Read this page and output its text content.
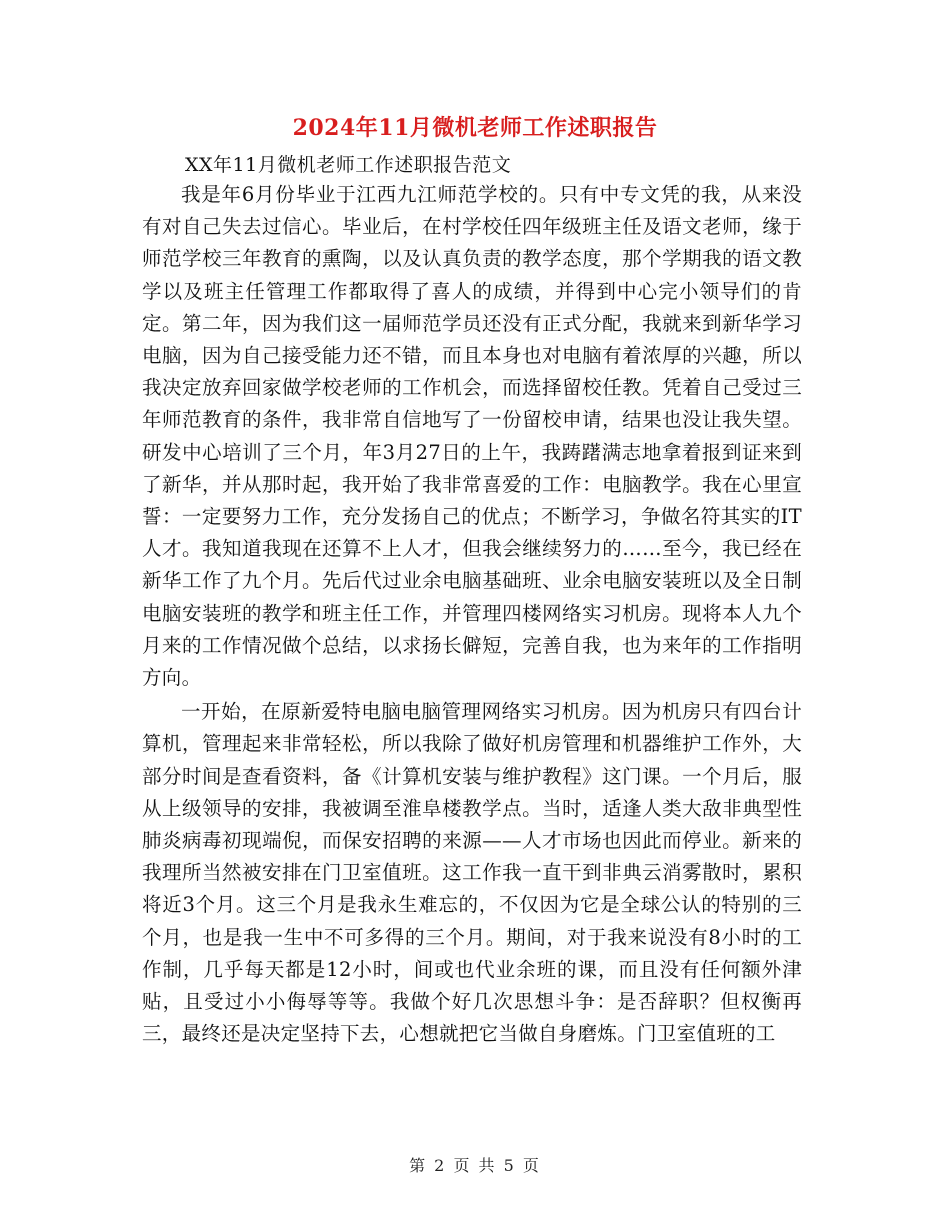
2024年11月微机老师工作述职报告

XX年11月微机老师工作述职报告范文

我是年6月份毕业于江西九江师范学校的。只有中专文凭的我，从来没有对自己失去过信心。毕业后，在村学校任四年级班主任及语文老师，缘于师范学校三年教育的熏陶，以及认真负责的教学态度，那个学期我的语文教学以及班主任管理工作都取得了喜人的成绩，并得到中心完小领导们的肯定。第二年，因为我们这一届师范学员还没有正式分配，我就来到新华学习电脑，因为自己接受能力还不错，而且本身也对电脑有着浓厚的兴趣，所以我决定放弃回家做学校老师的工作机会，而选择留校任教。凭着自己受过三年师范教育的条件，我非常自信地写了一份留校申请，结果也没让我失望。研发中心培训了三个月，年3月27日的上午，我踌躇满志地拿着报到证来到了新华，并从那时起，我开始了我非常喜爱的工作：电脑教学。我在心里宣誓：一定要努力工作，充分发扬自己的优点；不断学习，争做名符其实的IT人才。我知道我现在还算不上人才，但我会继续努力的……至今，我已经在新华工作了九个月。先后代过业余电脑基础班、业余电脑安装班以及全日制电脑安装班的教学和班主任工作，并管理四楼网络实习机房。现将本人九个月来的工作情况做个总结，以求扬长僻短，完善自我，也为来年的工作指明方向。

一开始，在原新爱特电脑电脑管理网络实习机房。因为机房只有四台计算机，管理起来非常轻松，所以我除了做好机房管理和机器维护工作外，大部分时间是查看资料，备《计算机安装与维护教程》这门课。一个月后，服从上级领导的安排，我被调至淮阜楼教学点。当时，适逢人类大敌非典型性肺炎病毒初现端倪，而保安招聘的来源——人才市场也因此而停业。新来的我理所当然被安排在门卫室值班。这工作我一直干到非典云消雾散时，累积将近3个月。这三个月是我永生难忘的，不仅因为它是全球公认的特别的三个月，也是我一生中不可多得的三个月。期间，对于我来说没有8小时的工作制，几乎每天都是12小时，间或也代业余班的课，而且没有任何额外津贴，且受过小小侮辱等等。我做个好几次思想斗争：是否辞职？但权衡再三，最终还是决定坚持下去，心想就把它当做自身磨炼。门卫室值班的工

第 2 页 共 5 页
